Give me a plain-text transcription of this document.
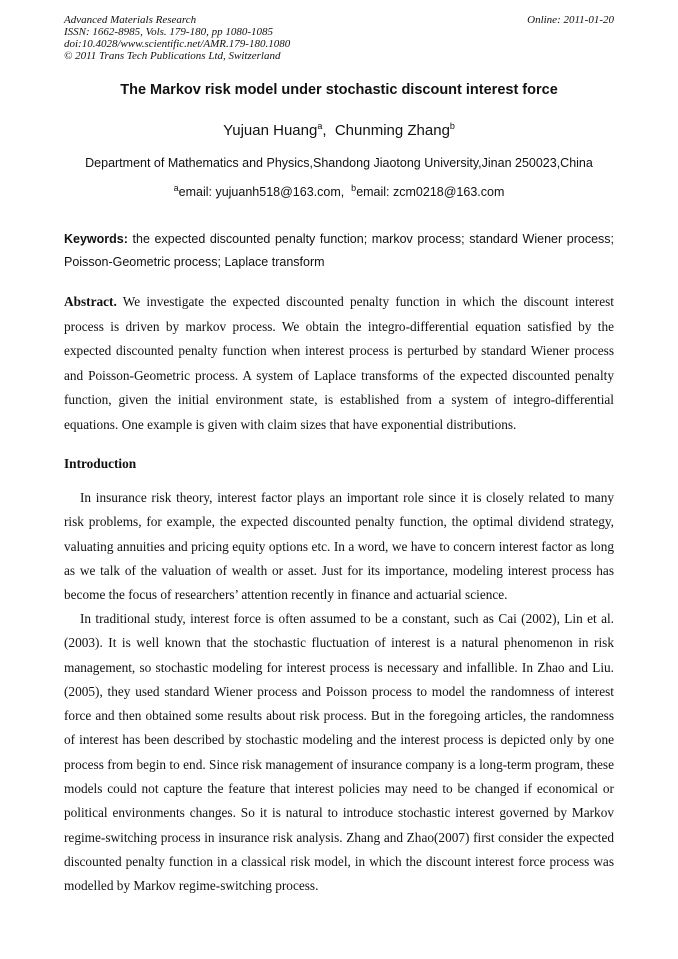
Advanced Materials Research
ISSN: 1662-8985, Vols. 179-180, pp 1080-1085
doi:10.4028/www.scientific.net/AMR.179-180.1080
© 2011 Trans Tech Publications Ltd, Switzerland
Online: 2011-01-20
The Markov risk model under stochastic discount interest force
Yujuan Huang$^a$,  Chunming Zhang$^b$
Department of Mathematics and Physics,Shandong Jiaotong University,Jinan 250023,China
$^a$email: yujuanh518@163.com, $^b$email: zcm0218@163.com
Keywords: the expected discounted penalty function; markov process; standard Wiener process; Poisson-Geometric process; Laplace transform
Abstract. We investigate the expected discounted penalty function in which the discount interest process is driven by markov process. We obtain the integro-differential equation satisfied by the expected discounted penalty function when interest process is perturbed by standard Wiener process and Poisson-Geometric process. A system of Laplace transforms of the expected discounted penalty function, given the initial environment state, is established from a system of integro-differential equations. One example is given with claim sizes that have exponential distributions.
Introduction

In insurance risk theory, interest factor plays an important role since it is closely related to many risk problems, for example, the expected discounted penalty function, the optimal dividend strategy, valuating annuities and pricing equity options etc. In a word, we have to concern interest factor as long as we talk of the valuation of wealth or asset. Just for its importance, modeling interest process has become the focus of researchers’ attention recently in finance and actuarial science.

In traditional study, interest force is often assumed to be a constant, such as Cai (2002), Lin et al.(2003). It is well known that the stochastic fluctuation of interest is a natural phenomenon in risk management, so stochastic modeling for interest process is necessary and infallible. In Zhao and Liu.(2005), they used standard Wiener process and Poisson process to model the randomness of interest force and then obtained some results about risk process. But in the foregoing articles, the randomness of interest has been described by stochastic modeling and the interest process is depicted only by one process from begin to end. Since risk management of insurance company is a long-term program, these models could not capture the feature that interest policies may need to be changed if economical or political environments changes. So it is natural to introduce stochastic interest governed by Markov regime-switching process in insurance risk analysis. Zhang and Zhao(2007) first consider the expected discounted penalty function in a classical risk model, in which the discount interest force process was modelled by Markov regime-switching process.
